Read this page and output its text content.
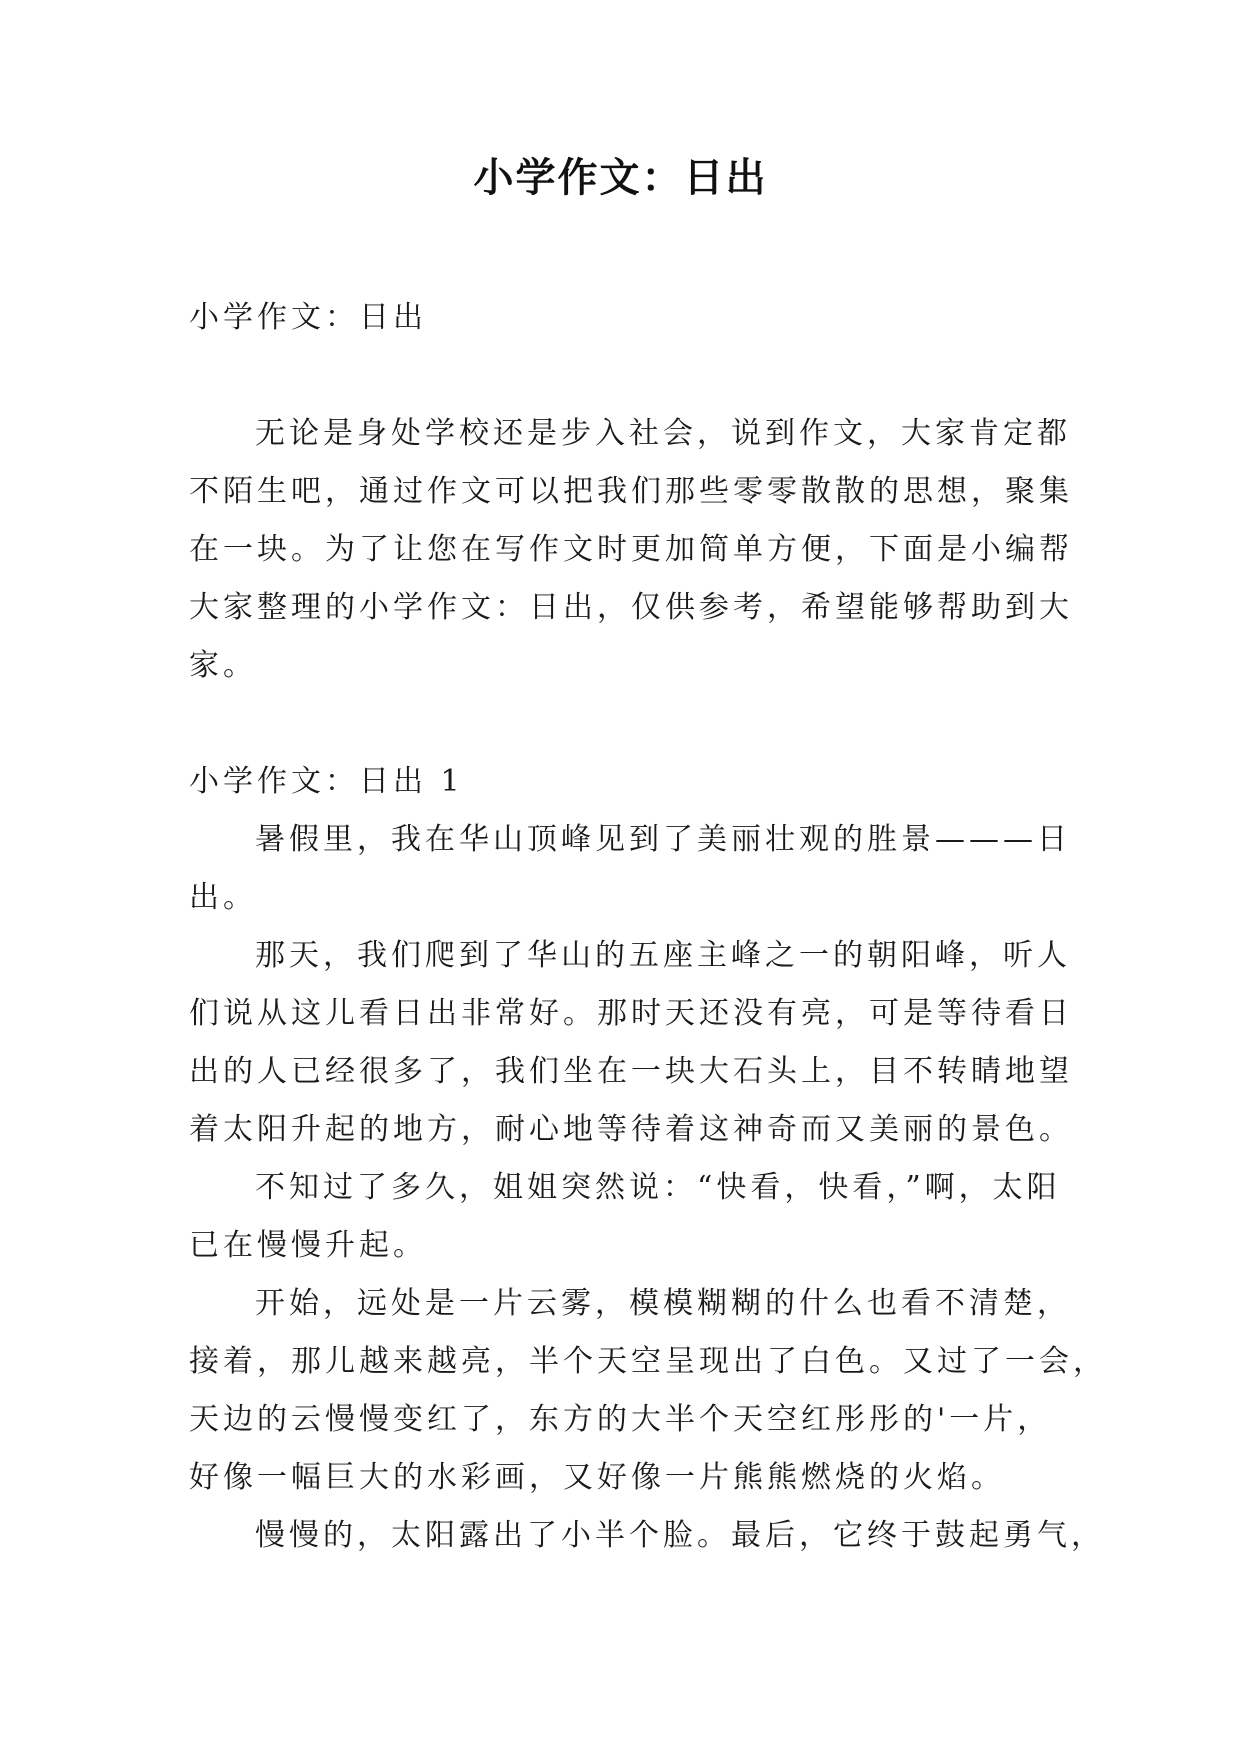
小学作文：日出
小学作文：日出
无论是身处学校还是步入社会，说到作文，大家肯定都
不陌生吧，通过作文可以把我们那些零零散散的思想，聚集
在一块。为了让您在写作文时更加简单方便，下面是小编帮
大家整理的小学作文：日出，仅供参考，希望能够帮助到大
家。
小学作文：日出 1
暑假里，我在华山顶峰见到了美丽壮观的胜景———日
出。
那天，我们爬到了华山的五座主峰之一的朝阳峰，听人
们说从这儿看日出非常好。那时天还没有亮，可是等待看日
出的人已经很多了，我们坐在一块大石头上，目不转睛地望
着太阳升起的地方，耐心地等待着这神奇而又美丽的景色。
不知过了多久，姐姐突然说：“快看，快看，”啊，太阳
已在慢慢升起。
开始，远处是一片云雾，模模糊糊的什么也看不清楚，
接着，那儿越来越亮，半个天空呈现出了白色。又过了一会，
天边的云慢慢变红了，东方的大半个天空红彤彤的'一片，
好像一幅巨大的水彩画，又好像一片熊熊燃烧的火焰。
慢慢的，太阳露出了小半个脸。最后，它终于鼓起勇气，
